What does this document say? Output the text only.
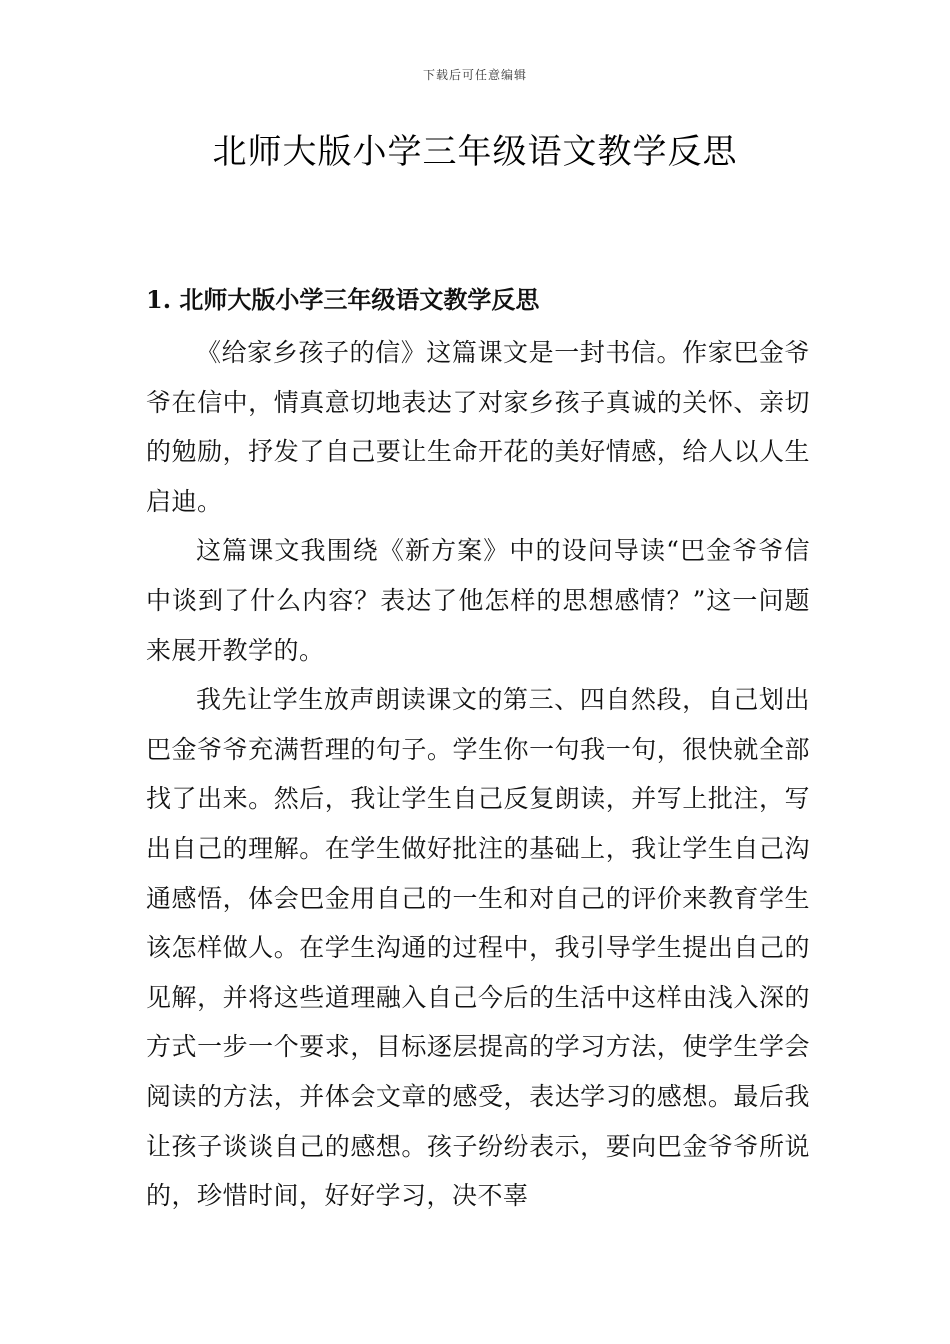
下载后可任意编辑
北师大版小学三年级语文教学反思
1. 北师大版小学三年级语文教学反思

《给家乡孩子的信》这篇课文是一封书信。作家巴金爷爷在信中，情真意切地表达了对家乡孩子真诚的关怀、亲切的勉励，抒发了自己要让生命开花的美好情感，给人以人生启迪。

这篇课文我围绕《新方案》中的设问导读“巴金爷爷信中谈到了什么内容？表达了他怎样的思想感情？”这一问题来展开教学的。

我先让学生放声朗读课文的第三、四自然段，自己划出巴金爷爷充满哲理的句子。学生你一句我一句，很快就全部找了出来。然后，我让学生自己反复朗读，并写上批注，写出自己的理解。在学生做好批注的基础上，我让学生自己沟通感悟，体会巴金用自己的一生和对自己的评价来教育学生该怎样做人。在学生沟通的过程中，我引导学生提出自己的见解，并将这些道理融入自己今后的生活中这样由浅入深的方式一步一个要求，目标逐层提高的学习方法，使学生学会阅读的方法，并体会文章的感受，表达学习的感想。最后我让孩子谈谈自己的感想。孩子纷纷表示，要向巴金爷爷所说的，珍惜时间，好好学习，决不辜
